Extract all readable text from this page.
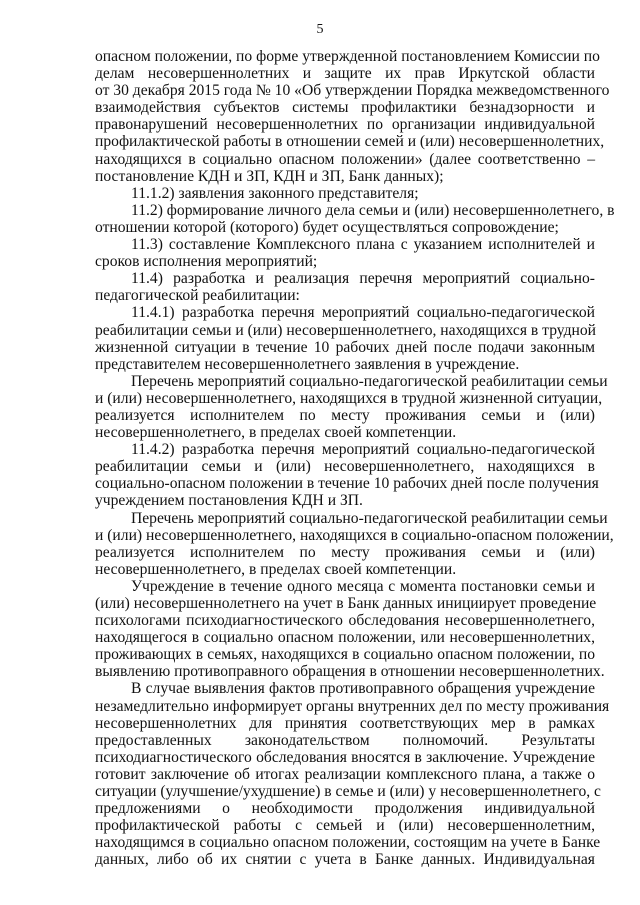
5

опасном положении, по форме утвержденной постановлением Комиссии по
делам несовершеннолетних и защите их прав Иркутской области
от 30 декабря 2015 года № 10 «Об утверждении Порядка межведомственного
взаимодействия субъектов системы профилактики безнадзорности и
правонарушений несовершеннолетних по организации индивидуальной
профилактической работы в отношении семей и (или) несовершеннолетних,
находящихся в социально опасном положении» (далее соответственно –
постановление КДН и ЗП, КДН и ЗП, Банк данных);

11.1.2) заявления законного представителя;

11.2) формирование личного дела семьи и (или) несовершеннолетнего, в
отношении которой (которого) будет осуществляться сопровождение;

11.3) составление Комплексного плана с указанием исполнителей и
сроков исполнения мероприятий;

11.4) разработка и реализация перечня мероприятий социально-
педагогической реабилитации:

11.4.1) разработка перечня мероприятий социально-педагогической
реабилитации семьи и (или) несовершеннолетнего, находящихся в трудной
жизненной ситуации в течение 10 рабочих дней после подачи законным
представителем несовершеннолетнего заявления в учреждение.

Перечень мероприятий социально-педагогической реабилитации семьи
и (или) несовершеннолетнего, находящихся в трудной жизненной ситуации,
реализуется исполнителем по месту проживания семьи и (или)
несовершеннолетнего, в пределах своей компетенции.

11.4.2) разработка перечня мероприятий социально-педагогической
реабилитации семьи и (или) несовершеннолетнего, находящихся в
социально-опасном положении в течение 10 рабочих дней после получения
учреждением постановления КДН и ЗП.

Перечень мероприятий социально-педагогической реабилитации семьи
и (или) несовершеннолетнего, находящихся в социально-опасном положении,
реализуется исполнителем по месту проживания семьи и (или)
несовершеннолетнего, в пределах своей компетенции.

Учреждение в течение одного месяца с момента постановки семьи и
(или) несовершеннолетнего на учет в Банк данных инициирует проведение
психологами психодиагностического обследования несовершеннолетнего,
находящегося в социально опасном положении, или несовершеннолетних,
проживающих в семьях, находящихся в социально опасном положении, по
выявлению противоправного обращения в отношении несовершеннолетних.

В случае выявления фактов противоправного обращения учреждение
незамедлительно информирует органы внутренних дел по месту проживания
несовершеннолетних для принятия соответствующих мер в рамках
предоставленных законодательством полномочий. Результаты
психодиагностического обследования вносятся в заключение. Учреждение
готовит заключение об итогах реализации комплексного плана, а также о
ситуации (улучшение/ухудшение) в семье и (или) у несовершеннолетнего, с
предложениями о необходимости продолжения индивидуальной
профилактической работы с семьей и (или) несовершеннолетним,
находящимся в социально опасном положении, состоящим на учете в Банке
данных, либо об их снятии с учета в Банке данных. Индивидуальная
